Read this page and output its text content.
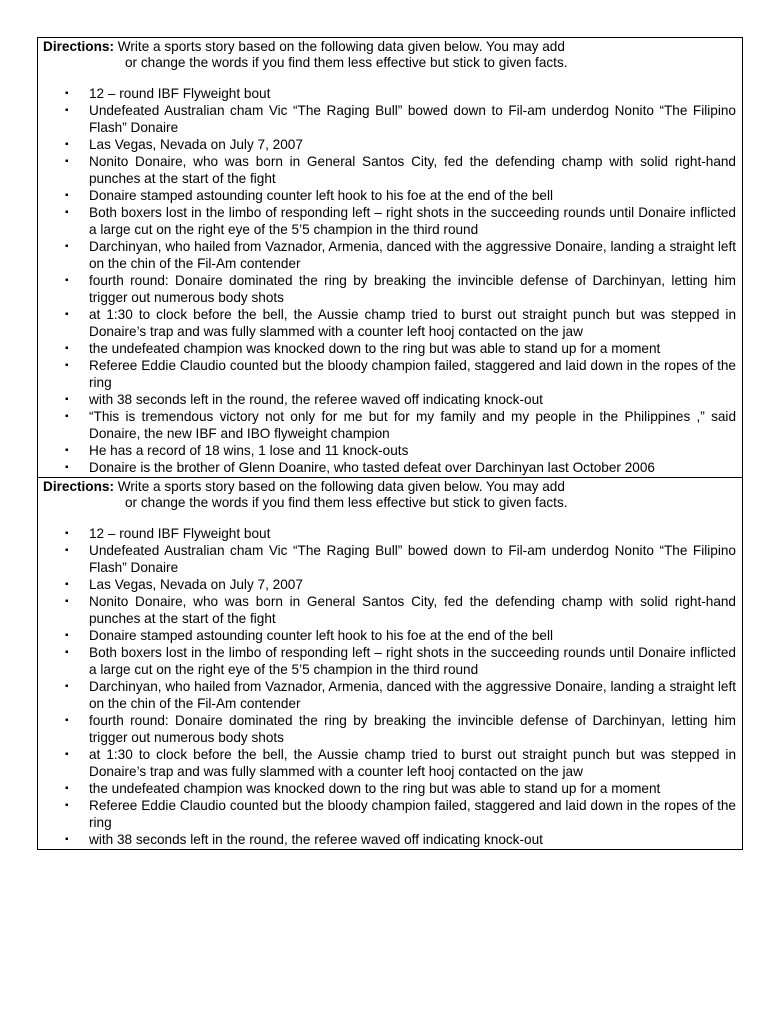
Directions: Write a sports story based on the following data given below. You may add
or change the words if you find them less effective but stick to given facts.

▪ 12 – round IBF Flyweight bout
▪ Undefeated Australian cham Vic “The Raging Bull” bowed down to Fil-am underdog Nonito “The Filipino Flash” Donaire
▪ Las Vegas, Nevada on July 7, 2007
▪ Nonito Donaire, who was born in General Santos City, fed the defending champ with solid right-hand punches at the start of the fight
▪ Donaire stamped astounding counter left hook to his foe at the end of the bell
▪ Both boxers lost in the limbo of responding left – right shots in the succeeding rounds until Donaire inflicted a large cut on the right eye of the 5’5 champion in the third round
▪ Darchinyan, who hailed from Vaznador, Armenia, danced with the aggressive Donaire, landing a straight left on the chin of the Fil-Am contender
▪ fourth round: Donaire dominated the ring by breaking the invincible defense of Darchinyan, letting him trigger out numerous body shots
▪ at 1:30 to clock before the bell, the Aussie champ tried to burst out straight punch but was stepped in Donaire’s trap and was fully slammed with a counter left hooj contacted on the jaw
▪ the undefeated champion was knocked down to the ring but was able to stand up for a moment
▪ Referee Eddie Claudio counted but the bloody champion failed, staggered and laid down in the ropes of the ring
▪ with 38 seconds left in the round, the referee waved off indicating knock-out
▪ “This is tremendous victory not only for me but for my family and my people in the Philippines ,” said Donaire, the new IBF and IBO flyweight champion
▪ He has a record of 18 wins, 1 lose and 11 knock-outs
▪ Donaire is the brother of Glenn Doanire, who tasted defeat over Darchinyan last October 2006

Directions: Write a sports story based on the following data given below. You may add
or change the words if you find them less effective but stick to given facts.

▪ 12 – round IBF Flyweight bout
▪ Undefeated Australian cham Vic “The Raging Bull” bowed down to Fil-am underdog Nonito “The Filipino Flash” Donaire
▪ Las Vegas, Nevada on July 7, 2007
▪ Nonito Donaire, who was born in General Santos City, fed the defending champ with solid right-hand punches at the start of the fight
▪ Donaire stamped astounding counter left hook to his foe at the end of the bell
▪ Both boxers lost in the limbo of responding left – right shots in the succeeding rounds until Donaire inflicted a large cut on the right eye of the 5’5 champion in the third round
▪ Darchinyan, who hailed from Vaznador, Armenia, danced with the aggressive Donaire, landing a straight left on the chin of the Fil-Am contender
▪ fourth round: Donaire dominated the ring by breaking the invincible defense of Darchinyan, letting him trigger out numerous body shots
▪ at 1:30 to clock before the bell, the Aussie champ tried to burst out straight punch but was stepped in Donaire’s trap and was fully slammed with a counter left hooj contacted on the jaw
▪ the undefeated champion was knocked down to the ring but was able to stand up for a moment
▪ Referee Eddie Claudio counted but the bloody champion failed, staggered and laid down in the ropes of the ring
▪ with 38 seconds left in the round, the referee waved off indicating knock-out
